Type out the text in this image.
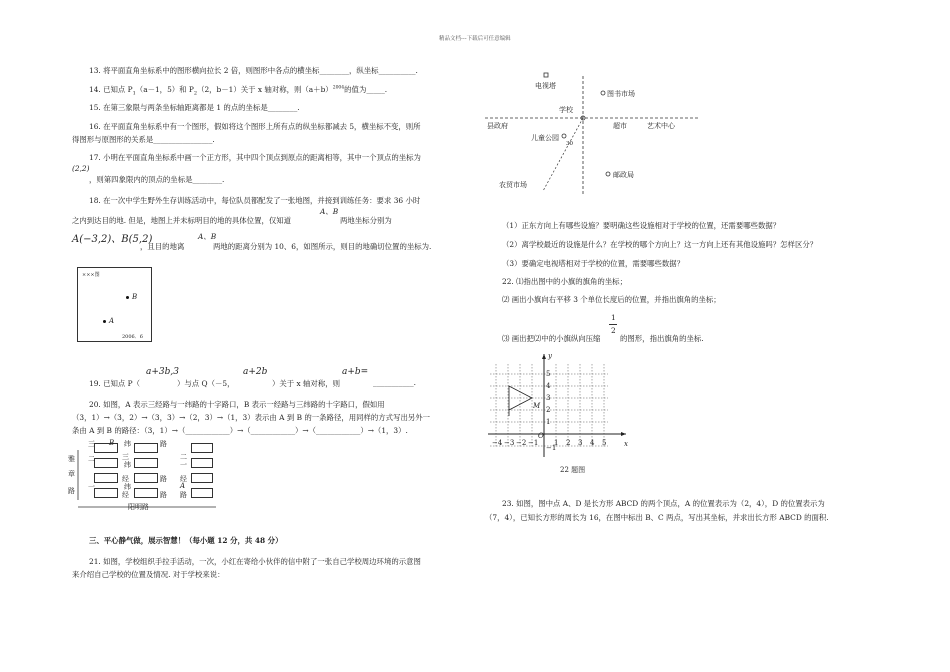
精品文档---下载后可任意编辑
13. 将平面直角坐标系中的图形横向拉长 2 倍，则图形中各点的横坐标________，纵坐标__________.
14. 已知点 $P_1(a-1$，5）和 $P_2(2$，b－1）关于 x 轴对称，则$(a+b)^{2004}$的值为_____.
15. 在第三象限与两条坐标轴距离都是 1 的点的坐标是________.
16. 在平面直角坐标系中有一个图形，假如将这个图形上所有点的纵坐标都减去 5，横坐标不变，则所
得图形与原图形的关系是________________.
17. 小明在平面直角坐标系中画一个正方形，其中四个顶点到原点的距离相等，其中一个顶点的坐标为
(2,2)
，则第四象限内的顶点的坐标是________.
18. 在一次中学生野外生存训练活动中，每位队员都配发了一张地图，并接到训练任务：要求 36 小时
A、B
之内到达目的地. 但是，地图上并未标明目的地的具体位置，仅知道	两地坐标分别为
A(−3,2)、B(5,2)	A、B
，且目的地离	两地的距离分别为 10、6，如图所示，则目的地确切位置的坐标为.
×××图
B
A
2006．6
a+3b,3	a+2b	a+b=
19. 已知点 P（	）与点 Q（－5，	）关于 x 轴对称，则	___________.
20. 如图，A 表示三经路与一纬路的十字路口，B 表示一经路与三纬路的十字路口，假如用
（3，1）→（3，2）→（3，3）→（2，3）→（1，3）表示由 A 到 B 的一条路径，用同样的方式写出另外一
条由 A 到 B 的路径：（3，1）→（____________）→（____________）→（____________）→（1，3）.
三 B 纬	路
三	二
雅 二
纬
章
经	路 经
一	纬	A
路	经	路 路
一
阳明路
三、平心静气做，展示智慧！（每小题 12 分，共 48 分）
21. 如图，学校组织手拉手活动，一次，小红在寄给小伙伴的信中附了一张自己学校周边环境的示意图
来介绍自己学校的位置及情况. 对于学校来说：
电视塔
图书市场
学校
县政府	超市	艺术中心
儿童公园
30
邮政局
农贸市场
（1）正东方向上有哪些设施？要明确这些设施相对于学校的位置，还需要哪些数据？
（2）离学校最近的设施是什么？在学校的哪个方向上？这一方向上还有其他设施吗？怎样区分？
（3）要确定电视塔相对于学校的位置，需要哪些数据？
22. ⑴指出图中的小旗的旗角的坐标；
⑵ 画出小旗向右平移 3 个单位长度后的位置，并指出旗角的坐标；
1
2
⑶ 画出把⑵中的小旗纵向压缩	的图形，指出旗角的坐标.
y
x
O
M
−4 −3 −2 −1 1 2 3 4 5
5
4
3
2
1
−1
22 题图
23. 如图，图中点 A、D 是长方形 ABCD 的两个顶点，A 的位置表示为（2，4），D 的位置表示为
（7，4），已知长方形的周长为 16，在图中标出 B、C 两点，写出其坐标，并求出长方形 ABCD 的面积.
